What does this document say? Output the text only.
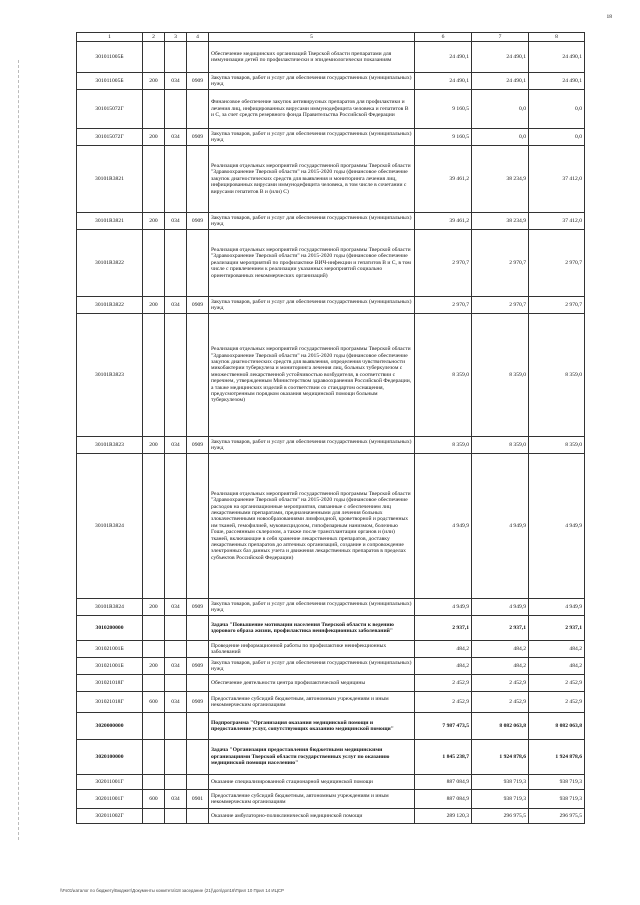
18
1	2	3	4	5	6	7	8
301011005Б				Обеспечение медицинских организаций Тверской области препаратами для иммунизации детей по профилактически и эпидемиологически показаниям	24 490,1	24 490,1	24 490,1
301011005Б	200	034	0909	Закупка товаров, работ и услуг для обеспечения государственных (муниципальных) нужд	24 490,1	24 490,1	24 490,1
301015072Г				Финансовое обеспечение закупок антивирусных препаратов для профилактики и лечения лиц, инфицированных вирусами иммунодефицита человека и гепатитов В и С, за счет средств резервного фонда Правительства Российской Федерации	9 160,5	0,0	0,0
301015072Г	200	034	0909	Закупка товаров, работ и услуг для обеспечения государственных (муниципальных) нужд	9 160,5	0,0	0,0
30101R3821				Реализация отдельных мероприятий государственной программы Тверской области "Здравоохранение Тверской области" на 2015-2020 годы (финансовое обеспечение закупок диагностических средств для выявления и мониторинга лечения лиц, инфицированных вирусами иммунодефицита человека, в том числе в сочетании с вирусами гепатитов В и (или) С)	39 461,2	38 234,9	37 412,0
30101R3821	200	034	0909	Закупка товаров, работ и услуг для обеспечения государственных (муниципальных) нужд	39 461,2	38 234,9	37 412,0
30101R3822				Реализация отдельных мероприятий государственной программы Тверской области "Здравоохранение Тверской области" на 2015-2020 годы (финансовое обеспечение реализации мероприятий по профилактике ВИЧ-инфекции и гепатитов В и С, в том числе с привлечением к реализации указанных мероприятий социально ориентированных некоммерческих организаций)	2 970,7	2 970,7	2 970,7
30101R3822	200	034	0909	Закупка товаров, работ и услуг для обеспечения государственных (муниципальных) нужд	2 970,7	2 970,7	2 970,7
30101R3823				Реализация отдельных мероприятий государственной программы Тверской области "Здравоохранение Тверской области" на 2015-2020 годы (финансовое обеспечение закупок диагностических средств для выявления, определения чувствительности микобактерии туберкулеза и мониторинга лечения лиц, больных туберкулезом с множественной лекарственной устойчивостью возбудителя, в соответствии с перечнем, утвержденным Министерством здравоохранения Российской Федерации, а также медицинских изделий в соответствии со стандартом оснащения, предусмотренным порядком оказания медицинской помощи больным туберкулезом)	8 359,0	8 359,0	8 359,0
30101R3823	200	034	0909	Закупка товаров, работ и услуг для обеспечения государственных (муниципальных) нужд	8 359,0	8 359,0	8 359,0
30101R3824				Реализация отдельных мероприятий государственной программы Тверской области "Здравоохранение Тверской области" на 2015-2020 годы (финансовое обеспечение расходов на организационные мероприятия, связанные с обеспечением лиц лекарственными препаратами, предназначенными для лечения больных злокачественными новообразованиями лимфоидной, кроветворной и родственных им тканей, гемофилией, муковисцидозом, гипофизарным нанизмом, болезнью Гоше, рассеянным склерозом, а также после трансплантации органов и (или) тканей, включающие в себя хранение лекарственных препаратов, доставку лекарственных препаратов до аптечных организаций, создание и сопровождение электронных баз данных учета и движения лекарственных препаратов в пределах субъектов Российской Федерации)	4 949,9	4 949,9	4 949,9
30101R3824	200	034	0909	Закупка товаров, работ и услуг для обеспечения государственных (муниципальных) нужд	4 949,9	4 949,9	4 949,9
3010200000				Задача "Повышение мотивации населения Тверской области к ведению здорового образа жизни, профилактика неинфекционных заболеваний"	2 937,1	2 937,1	2 937,1
301021001Б				Проведение информационной работы по профилактике неинфекционных заболеваний	484,2	484,2	484,2
301021001Б	200	034	0909	Закупка товаров, работ и услуг для обеспечения государственных (муниципальных) нужд	484,2	484,2	484,2
301021018Г				Обеспечение деятельности центра профилактической медицины	2 452,9	2 452,9	2 452,9
301021018Г	600	034	0909	Предоставление субсидий бюджетным, автономным учреждениям и иным некоммерческим организациям	2 452,9	2 452,9	2 452,9
3020000000				Подпрограмма "Организация оказания медицинской помощи и предоставление услуг, сопутствующих оказанию медицинской помощи"	7 987 473,5	8 082 063,8	8 082 063,8
3020100000				Задача "Организация предоставления бюджетными медицинскими организациями Тверской области государственных услуг по оказанию медицинской помощи населению"	1 845 238,7	1 924 878,6	1 924 878,6
302011001Г				Оказание специализированной стационарной медицинской помощи	887 084,9	938 719,3	938 719,3
302011001Г	600	034	0901	Предоставление субсидий бюджетным, автономным учреждениям и иным некоммерческим организациям	887 084,9	938 719,3	938 719,3
302011002Г				Оказание амбулаторно-поликлинической медицинской помощи	289 120,3	296 975,5	296 975,5
\\Fs01\каталог по бюджету\Бюджет\Документы комитета\18 заседание (21)\доп\доп16\Прил 10 Прил 14 ИЦСР
